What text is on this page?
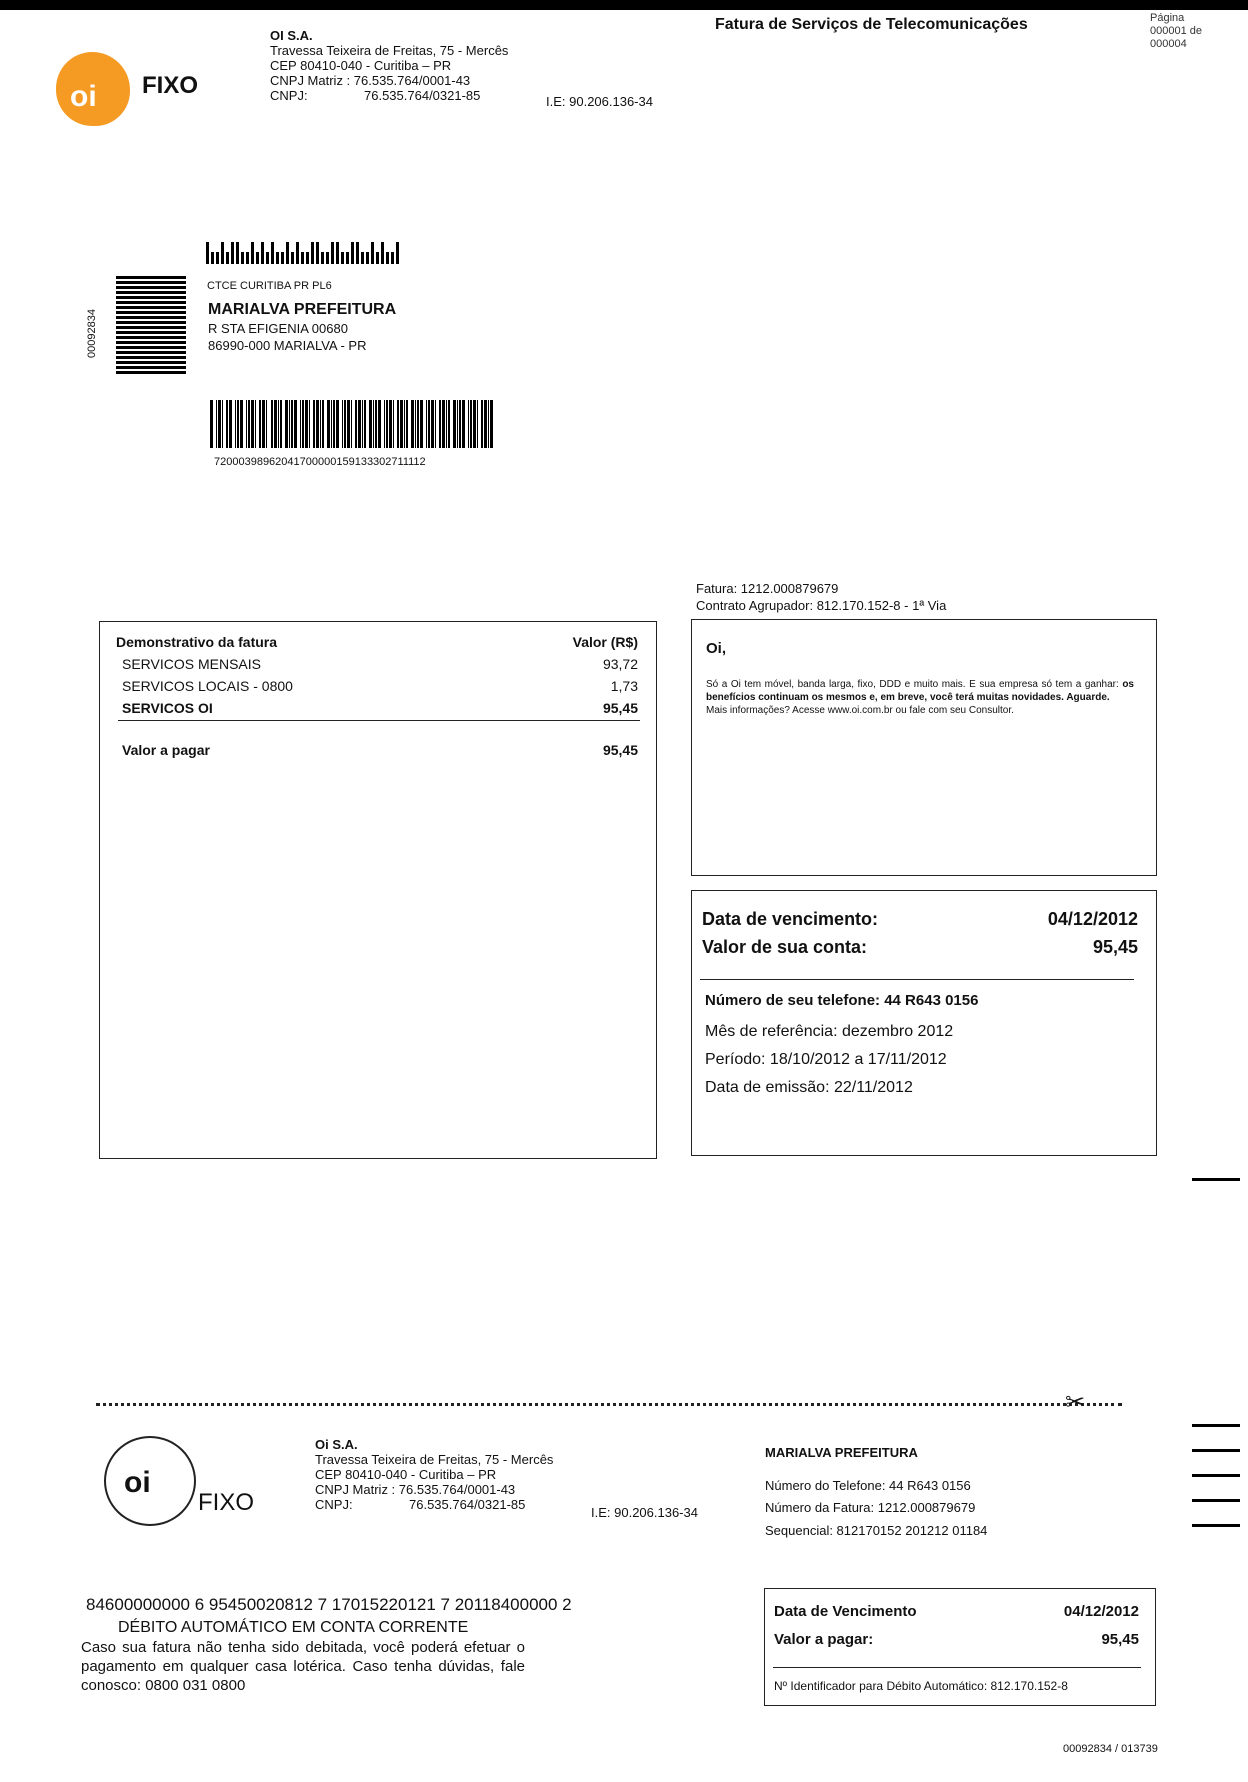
oi FIXO
OI S.A.
Travessa Teixeira de Freitas, 75 - Mercês
CEP 80410-040 - Curitiba – PR
CNPJ Matriz : 76.535.764/0001-43
CNPJ:	76.535.764/0321-85	I.E: 90.206.136-34
Fatura de Serviços de Telecomunicações	Página
000001 de
000004
00092834
CTCE CURITIBA PR PL6
MARIALVA PREFEITURA
R STA EFIGENIA 00680
86990-000 MARIALVA - PR
72000398962041700000159133302711112
Fatura: 1212.000879679
Contrato Agrupador: 812.170.152-8 - 1ª Via
Demonstrativo da fatura	Valor (R$)
SERVICOS MENSAIS	93,72
SERVICOS LOCAIS - 0800	1,73
SERVICOS OI	95,45
Valor a pagar	95,45
Oi,
Só a Oi tem móvel, banda larga, fixo, DDD e muito mais. E sua empresa só tem a ganhar: os benefícios continuam os mesmos e, em breve, você terá muitas novidades. Aguarde.
Mais informações? Acesse www.oi.com.br ou fale com seu Consultor.
Data de vencimento:	04/12/2012
Valor de sua conta:	95,45
Número de seu telefone: 44 R643 0156
Mês de referência: dezembro 2012
Período: 18/10/2012 a 17/11/2012
Data de emissão: 22/11/2012
✂
oi
FIXO
Oi S.A.
Travessa Teixeira de Freitas, 75 - Mercês
CEP 80410-040 - Curitiba – PR
CNPJ Matriz : 76.535.764/0001-43
CNPJ:	76.535.764/0321-85
I.E: 90.206.136-34
MARIALVA PREFEITURA
Número do Telefone: 44 R643 0156
Número da Fatura: 1212.000879679
Sequencial: 812170152 201212 01184
84600000000 6 95450020812 7 17015220121 7 20118400000 2
DÉBITO AUTOMÁTICO EM CONTA CORRENTE
Caso sua fatura não tenha sido debitada, você poderá efetuar o pagamento em qualquer casa lotérica. Caso tenha dúvidas, fale conosco: 0800 031 0800
Data de Vencimento	04/12/2012
Valor a pagar:	95,45
Nº Identificador para Débito Automático: 812.170.152-8
00092834 / 013739
